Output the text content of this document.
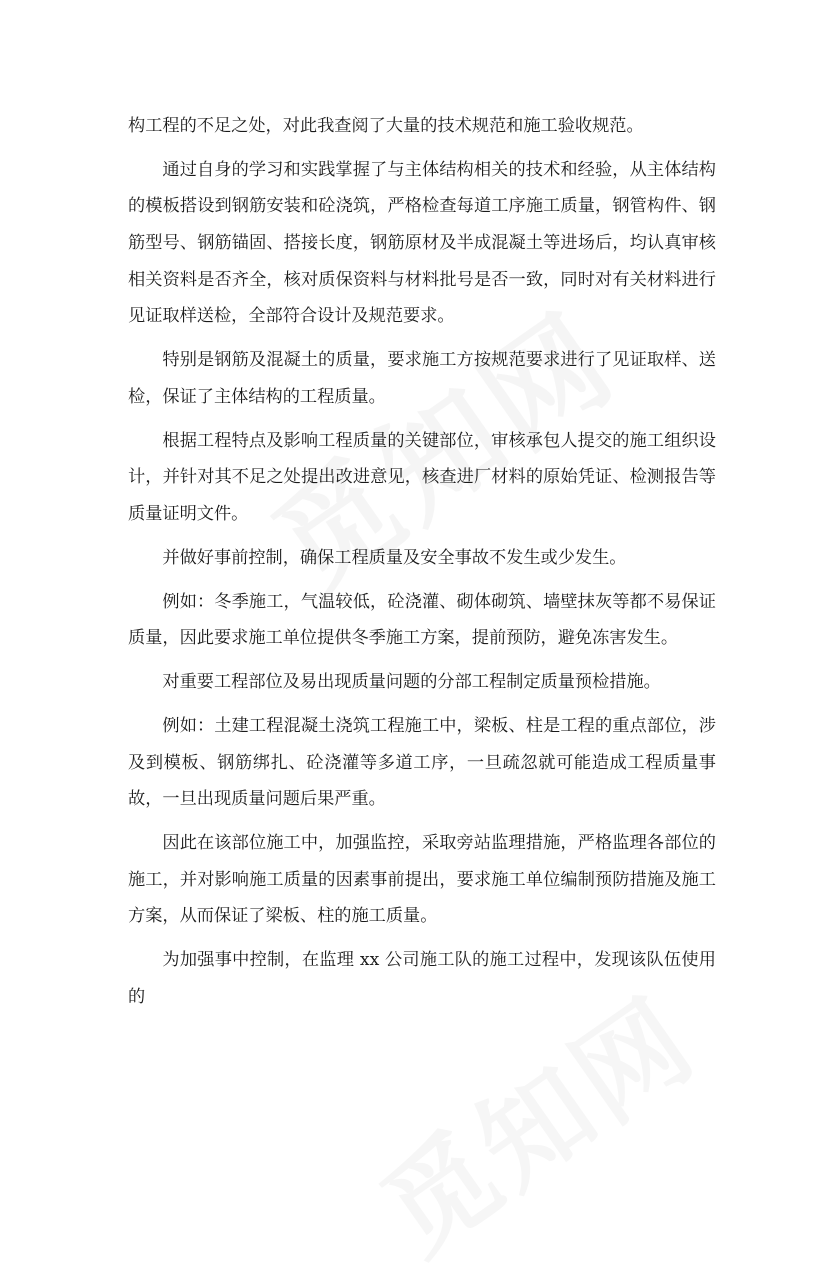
构工程的不足之处，对此我查阅了大量的技术规范和施工验收规范。

通过自身的学习和实践掌握了与主体结构相关的技术和经验，从主体结构的模板搭设到钢筋安装和砼浇筑，严格检查每道工序施工质量，钢管构件、钢筋型号、钢筋锚固、搭接长度，钢筋原材及半成混凝土等进场后，均认真审核相关资料是否齐全，核对质保资料与材料批号是否一致，同时对有关材料进行见证取样送检，全部符合设计及规范要求。

特别是钢筋及混凝土的质量，要求施工方按规范要求进行了见证取样、送检，保证了主体结构的工程质量。

根据工程特点及影响工程质量的关键部位，审核承包人提交的施工组织设计，并针对其不足之处提出改进意见，核查进厂材料的原始凭证、检测报告等质量证明文件。

并做好事前控制，确保工程质量及安全事故不发生或少发生。

例如：冬季施工，气温较低，砼浇灌、砌体砌筑、墙壁抹灰等都不易保证质量，因此要求施工单位提供冬季施工方案，提前预防，避免冻害发生。

对重要工程部位及易出现质量问题的分部工程制定质量预检措施。

例如：土建工程混凝土浇筑工程施工中，梁板、柱是工程的重点部位，涉及到模板、钢筋绑扎、砼浇灌等多道工序，一旦疏忽就可能造成工程质量事故，一旦出现质量问题后果严重。

因此在该部位施工中，加强监控，采取旁站监理措施，严格监理各部位的施工，并对影响施工质量的因素事前提出，要求施工单位编制预防措施及施工方案，从而保证了梁板、柱的施工质量。

为加强事中控制，在监理 xx 公司施工队的施工过程中，发现该队伍使用的
